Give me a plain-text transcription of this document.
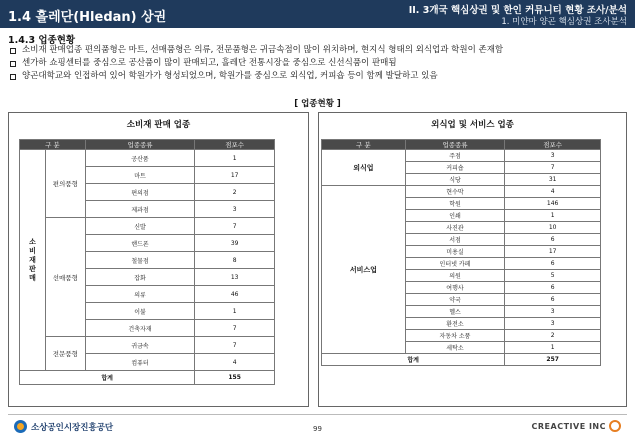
1.4 흘레단(Hledan) 상권	II. 3개국 핵심상권 및 한인 커뮤니티 현황 조사/분석
1. 미얀마 양곤 핵심상권 조사분석
1.4.3 업종현황
소비재 판매업종 편의품형은 마트, 선매품형은 의류, 전문품형은 귀금속점이 많이 위치하며, 현지식 형태의 외식업과 학원이 존재함
센가하 쇼핑센터를 중심으로 공산품이 많이 판매되고, 흘레단 전통시장을 중심으로 신선식품이 판매됨
양곤대학교와 인접하여 있어 학원가가 형성되었으며, 학원가를 중심으로 외식업, 커피숍 등이 함께 발달하고 있음
[ 업종현황 ]
소비재 판매 업종
구 분		업종종류	점포수

소
비
재
판
매	편의품형	공산품	1
		마트	17
		편의점	2
		제과점	3
	선매품형	신발	7
		핸드폰	39
		철물점	8
		잡화	13
		의류	46
		이불	1
		건축자재	7
	전문품형	귀금속	7
		컴퓨터	4
합계			155
외식업 및 서비스 업종
구 분	업종종류	점포수
외식업	주점	3
	커피숍	7
	식당	31
서비스업	현수막	4
	학원	146
	인쇄	1
	사진관	10
	서점	6
	미용실	17
	인터넷 카페	6
	의원	5
	여행사	6
	약국	6
	헬스	3
	환전소	3
	자동차 소품	2
	세탁소	1
합계		257
소상공인시장진흥공단	99	CREACTIVE INC
